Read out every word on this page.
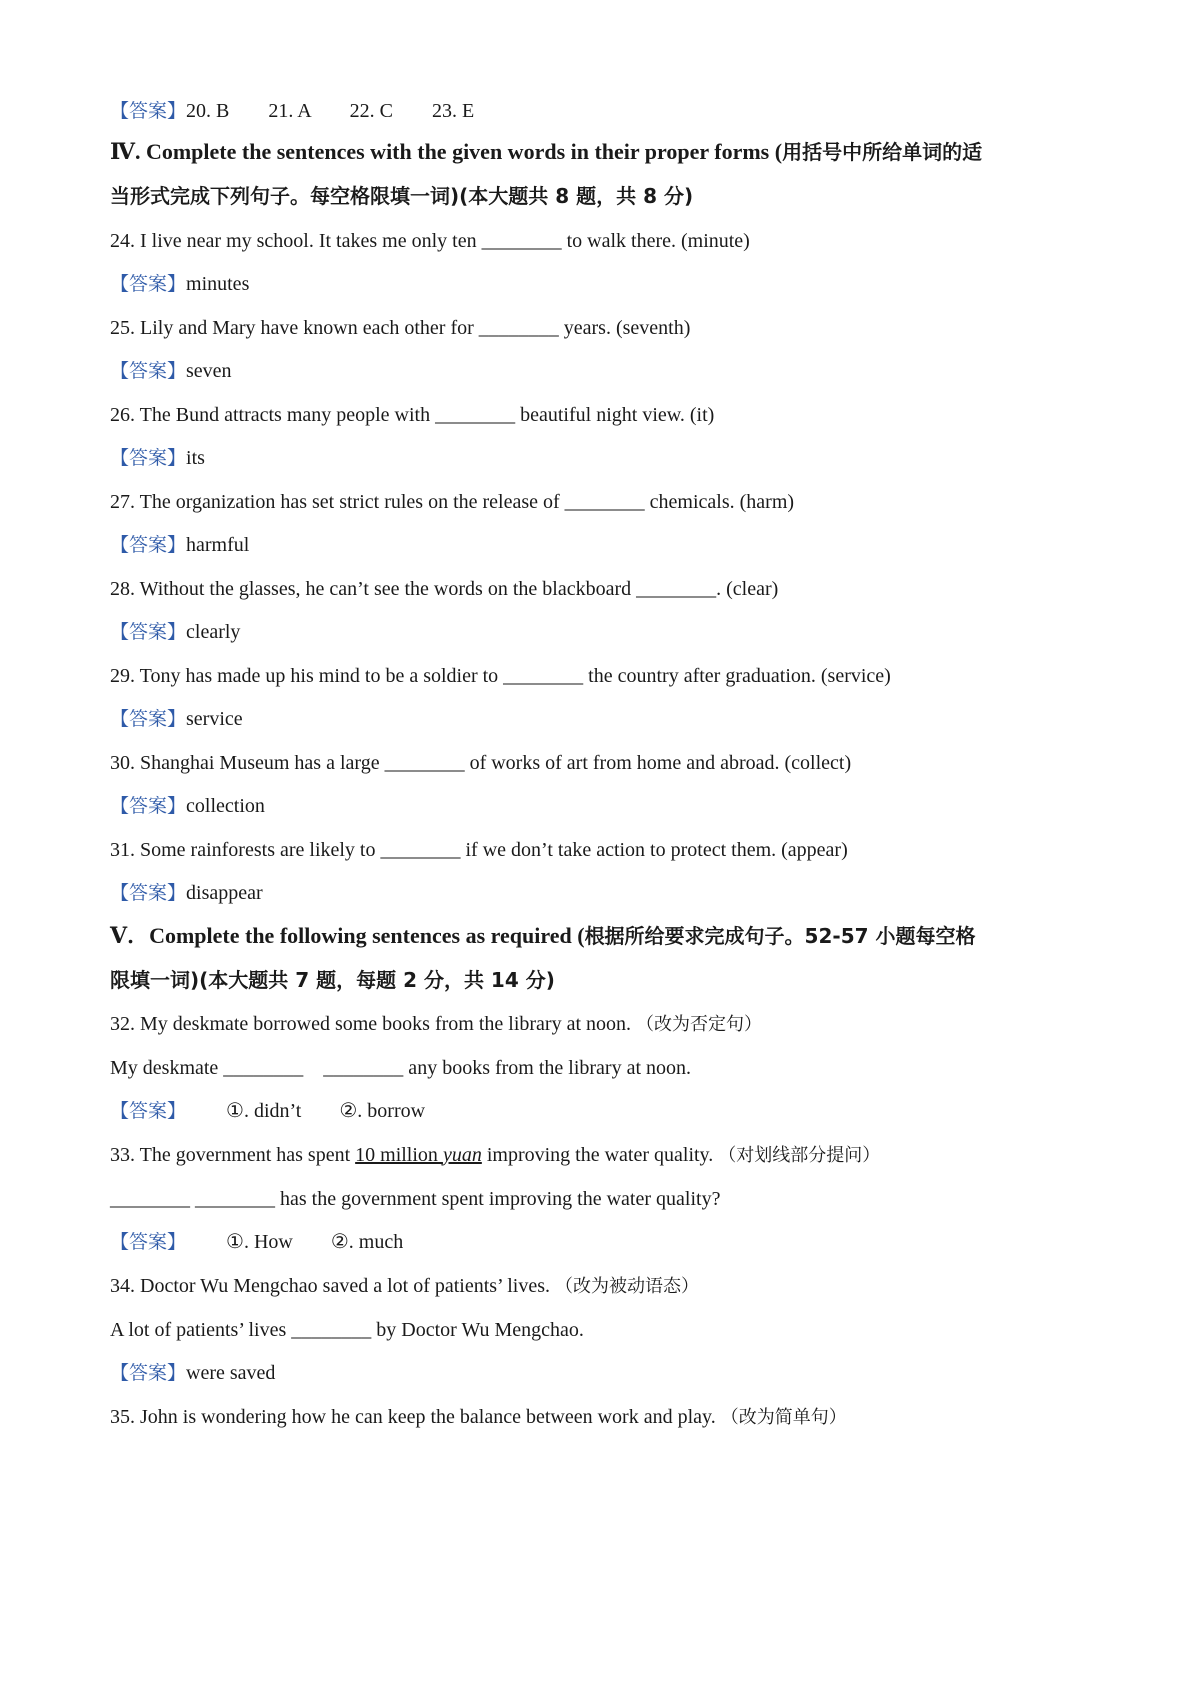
【答案】20. B 21. A 22. C 23. E
Ⅳ. Complete the sentences with the given words in their proper forms (用括号中所给单词的适
当形式完成下列句子。每空格限填一词)(本大题共 8 题，共 8 分)
24. I live near my school. It takes me only ten ________ to walk there. (minute)
【答案】minutes
25. Lily and Mary have known each other for ________ years. (seventh)
【答案】seven
26. The Bund attracts many people with ________ beautiful night view. (it)
【答案】its
27. The organization has set strict rules on the release of ________ chemicals. (harm)
【答案】harmful
28. Without the glasses, he can’t see the words on the blackboard ________. (clear)
【答案】clearly
29. Tony has made up his mind to be a soldier to ________ the country after graduation. (service)
【答案】service
30. Shanghai Museum has a large ________ of works of art from home and abroad. (collect)
【答案】collection
31. Some rainforests are likely to ________ if we don’t take action to protect them. (appear)
【答案】disappear
Ⅴ．Complete the following sentences as required (根据所给要求完成句子。52-57 小题每空格
限填一词)(本大题共 7 题，每题 2 分，共 14 分)
32. My deskmate borrowed some books from the library at noon. （改为否定句）
My deskmate ________    ________ any books from the library at noon.
【答案】 ①. didn’t ②. borrow
33. The government has spent 10 million yuan improving the water quality. （对划线部分提问）
________ ________ has the government spent improving the water quality?
【答案】 ①. How ②. much
34. Doctor Wu Mengchao saved a lot of patients’ lives. （改为被动语态）
A lot of patients’ lives ________ by Doctor Wu Mengchao.
【答案】were saved
35. John is wondering how he can keep the balance between work and play. （改为简单句）
